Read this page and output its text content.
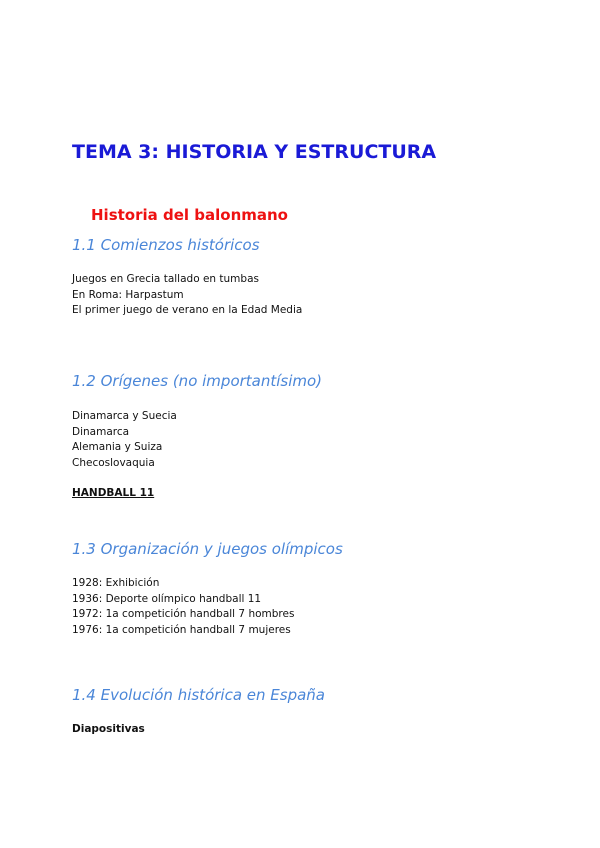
TEMA 3: HISTORIA Y ESTRUCTURA
Historia del balonmano
1.1 Comienzos históricos
Juegos en Grecia tallado en tumbas
En Roma: Harpastum
El primer juego de verano en la Edad Media
1.2 Orígenes (no importantísimo)
Dinamarca y Suecia
Dinamarca
Alemania y Suiza
Checoslovaquia

HANDBALL 11

1.3 Organización y juegos olímpicos
1928: Exhibición
1936: Deporte olímpico handball 11
1972: 1a competición handball 7 hombres
1976: 1a competición handball 7 mujeres
1.4 Evolución histórica en España

Diapositivas
